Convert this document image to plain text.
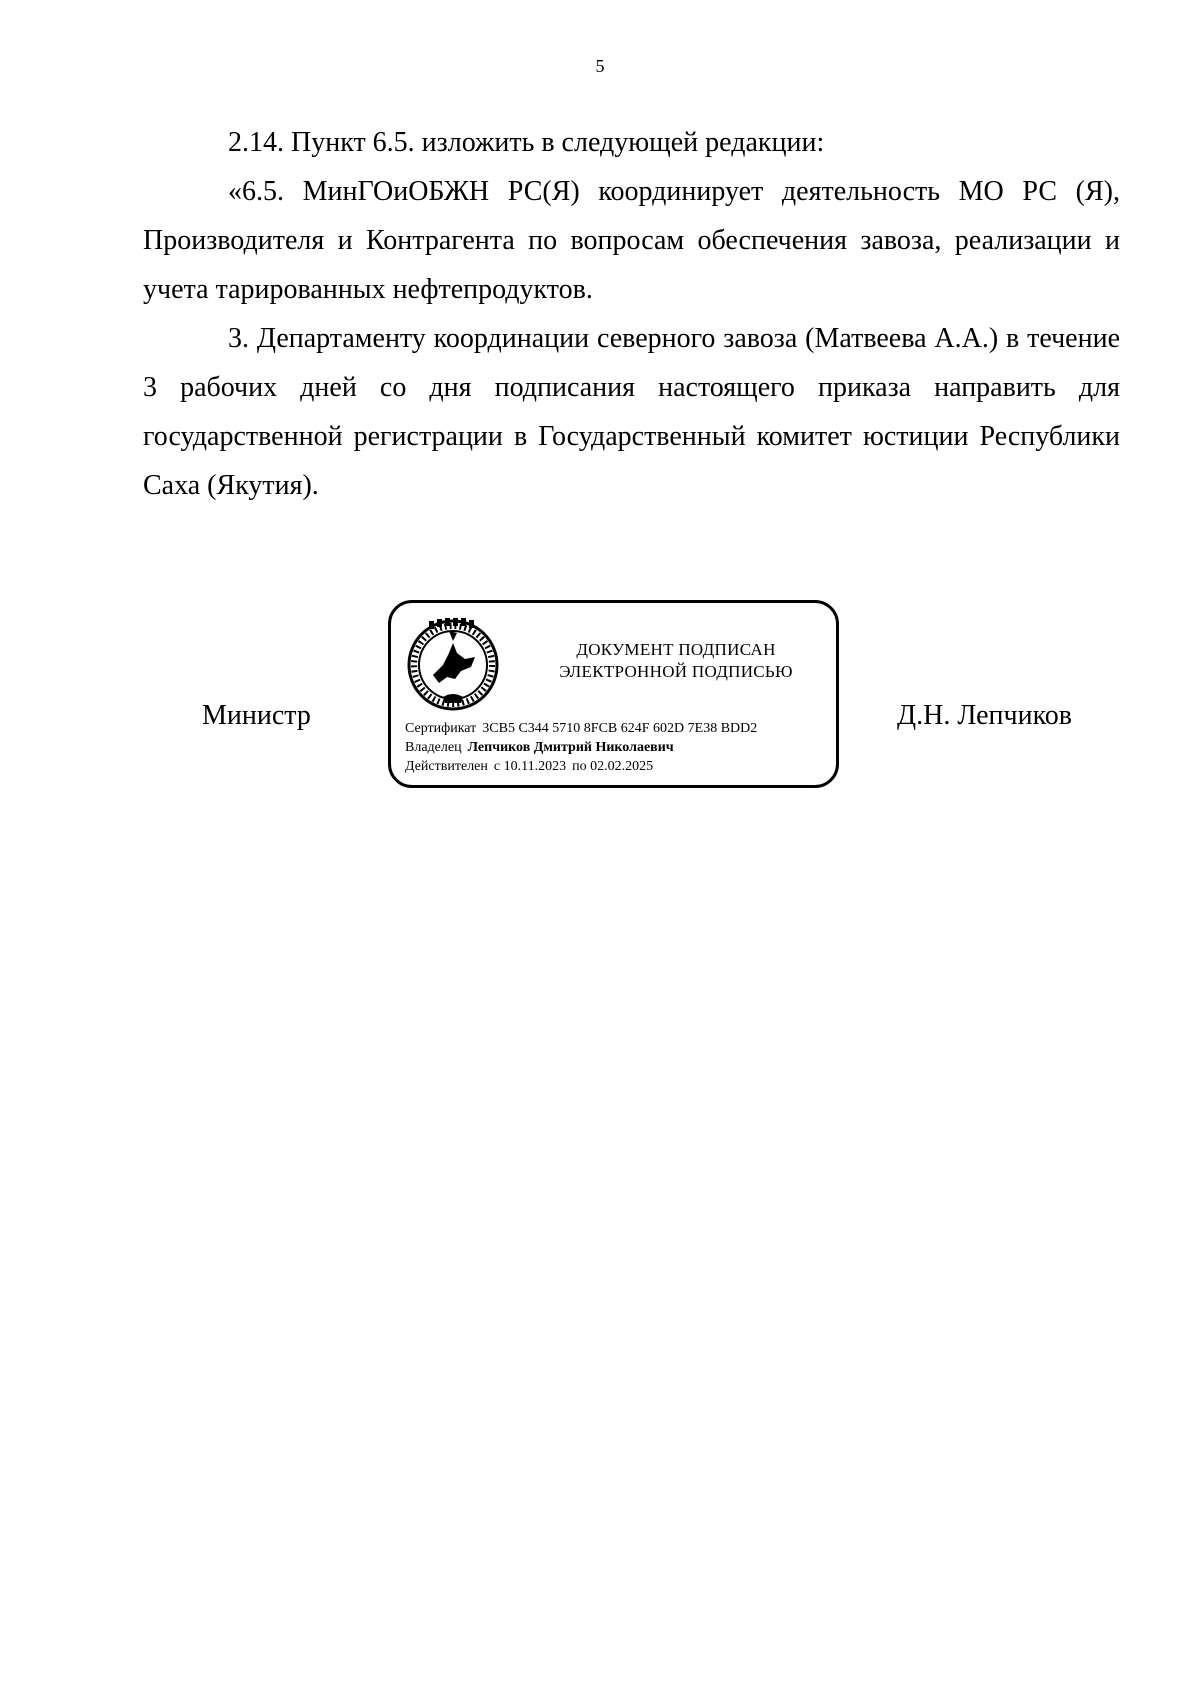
5

2.14. Пункт 6.5. изложить в следующей редакции:

«6.5. МинГОиОБЖН РС(Я) координирует деятельность МО РС (Я), Производителя и Контрагента по вопросам обеспечения завоза, реализации и учета тарированных нефтепродуктов.

3. Департаменту координации северного завоза (Матвеева А.А.) в течение 3 рабочих дней со дня подписания настоящего приказа направить для государственной регистрации в Государственный комитет юстиции Республики Саха (Якутия).

Министр
ДОКУМЕНТ ПОДПИСАН
ЭЛЕКТРОННОЙ ПОДПИСЬЮ
Сертификат 3CB5 C344 5710 8FCB 624F 602D 7E38 BDD2
Владелец Лепчиков Дмитрий Николаевич
Действителен с 10.11.2023 по 02.02.2025
Д.Н. Лепчиков
